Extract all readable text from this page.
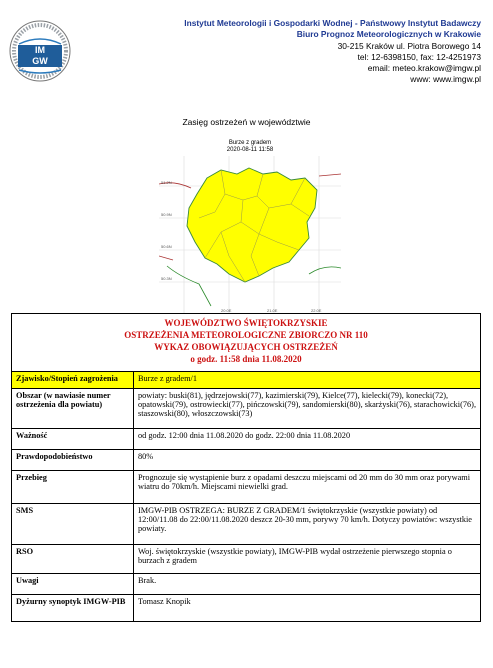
IM
GW
Instytut Meteorologii i Gospodarki Wodnej - Państwowy Instytut Badawczy
Biuro Prognoz Meteorologicznych w Krakowie
30-215 Kraków ul. Piotra Borowego 14
tel: 12-6398150, fax: 12-4251973
email: meteo.krakow@imgw.pl
www: www.imgw.pl
Zasięg ostrzeżeń w województwie
Burze z gradem
2020-08-11 11:58
51.2N
50.9N
50.6N
50.3N
20.0E	21.0E	22.0E
WOJEWÓDZTWO ŚWIĘTOKRZYSKIE
OSTRZEŻENIA METEOROLOGICZNE ZBIORCZO NR 110
WYKAZ OBOWIĄZUJĄCYCH OSTRZEŻEŃ
o godz. 11:58 dnia 11.08.2020	

Zjawisko/Stopień zagrożenia	Burze z gradem/1
Obszar (w nawiasie numer ostrzeżenia dla powiatu)	powiaty: buski(81), jędrzejowski(77), kazimierski(79), Kielce(77), kielecki(79), konecki(72), opatowski(79), ostrowiecki(77), pińczowski(79), sandomierski(80), skarżyski(76), starachowicki(76), staszowski(80), włoszczowski(73)
Ważność	od godz. 12:00 dnia 11.08.2020 do godz. 22:00 dnia 11.08.2020
Prawdopodobieństwo	80%
Przebieg	Prognozuje się wystąpienie burz z opadami deszczu miejscami od 20 mm do 30 mm oraz porywami wiatru do 70km/h. Miejscami niewielki grad.
SMS	IMGW-PIB OSTRZEGA: BURZE Z GRADEM/1 świętokrzyskie (wszystkie powiaty) od 12:00/11.08 do 22:00/11.08.2020 deszcz 20-30 mm, porywy 70 km/h. Dotyczy powiatów: wszystkie powiaty.
RSO	Woj. świętokrzyskie (wszystkie powiaty), IMGW-PIB wydał ostrzeżenie pierwszego stopnia o burzach z gradem
Uwagi	Brak.
Dyżurny synoptyk IMGW-PIB	Tomasz Knopik
